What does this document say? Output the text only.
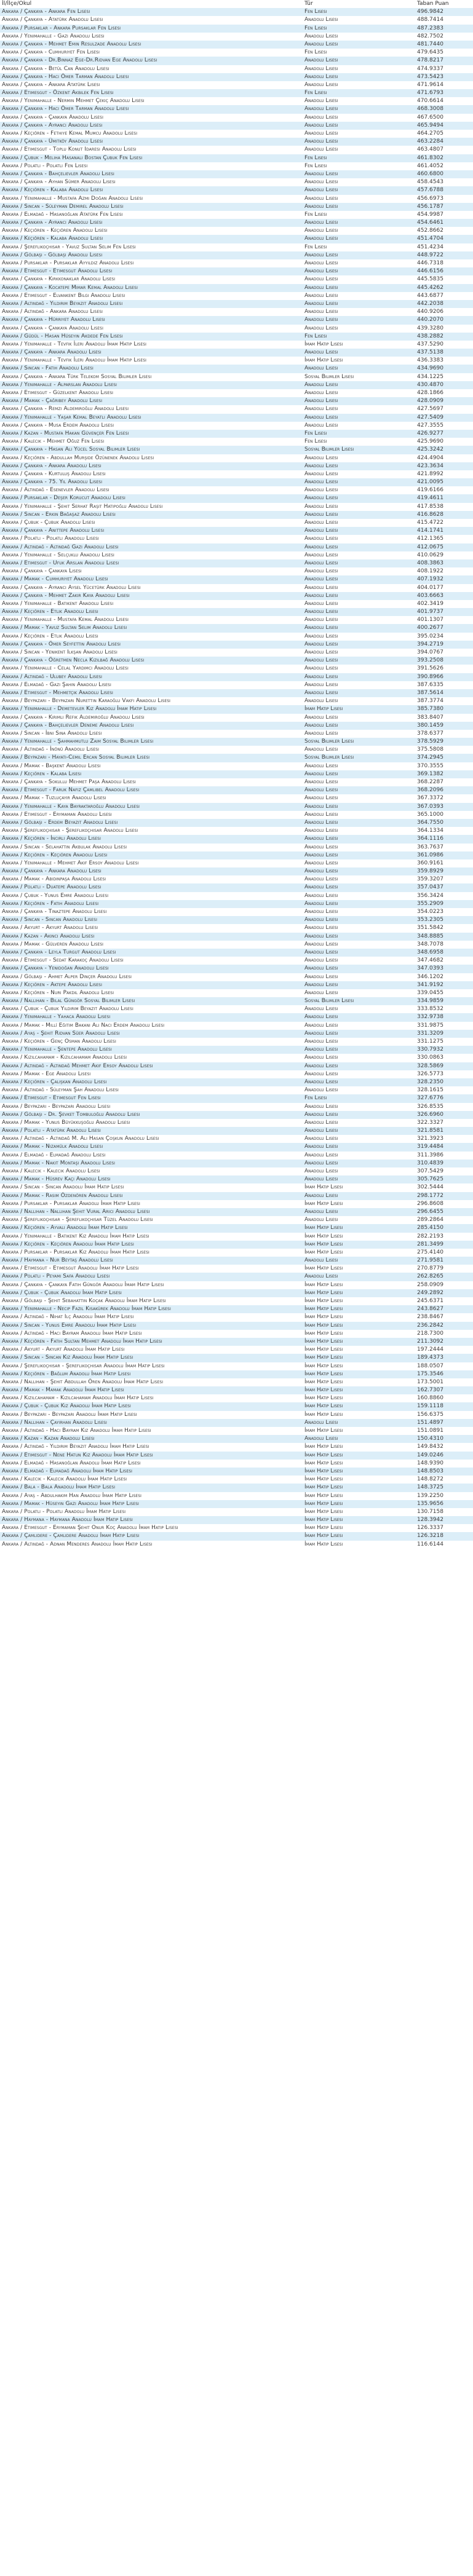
İl/İlçe/Okul	Tür	Taban Puan
Ankara / Çankaya - Ankara Fen Lisesi	Fen Lisesi	496.9842
Ankara / Çankaya - Atatürk Anadolu Lisesi	Anadolu Lisesi	488.7414
Ankara / Pursaklar - Ankara Pursaklar Fen Lisesi	Fen Lisesi	487.2383
Ankara / Yenimahalle - Gazi Anadolu Lisesi	Anadolu Lisesi	482.7502
Ankara / Çankaya - Mehmet Emin Resulzade Anadolu Lisesi	Anadolu Lisesi	481.7440
Ankara / Çankaya - Cumhuriyet Fen Lisesi	Fen Lisesi	479.6435
Ankara / Çankaya - Dr.Binnaz Ege-Dr.Rıdvan Ege Anadolu Lisesi	Anadolu Lisesi	478.8217
Ankara / Çankaya - Betül Can Anadolu Lisesi	Anadolu Lisesi	474.9337
Ankara / Çankaya - Hacı Ömer Tarman Anadolu Lisesi	Anadolu Lisesi	473.5423
Ankara / Çankaya - Ankara Atatürk Lisesi	Anadolu Lisesi	471.9614
Ankara / Etimesgut - Özkent Akbilek Fen Lisesi	Fen Lisesi	471.6793
Ankara / Yenimahalle - Nermin Mehmet Çekiç Anadolu Lisesi	Anadolu Lisesi	470.6614
Ankara / Çankaya - Hacı Ömer Tarman Anadolu Lisesi	Anadolu Lisesi	468.3008
Ankara / Çankaya - Çankaya Anadolu Lisesi	Anadolu Lisesi	467.6500
Ankara / Çankaya - Ayranci Anadolu Lisesi	Anadolu Lisesi	465.9494
Ankara / Keçiören - Fethiye Kemal Mumcu Anadolu Lisesi	Anadolu Lisesi	464.2705
Ankara / Çankaya - Ümitköy Anadolu Lisesi	Anadolu Lisesi	463.2284
Ankara / Etimesgut - Toplu Konut Idaresi Anadolu Lisesi	Anadolu Lisesi	463.4807
Ankara / Çubuk - Meliha Hasanali Bostan Çubuk Fen Lisesi	Fen Lisesi	461.8302
Ankara / Polatlı - Polatlı Fen Lisesi	Fen Lisesi	461.4052
Ankara / Çankaya - Bahçelievler Anadolu Lisesi	Anadolu Lisesi	460.6800
Ankara / Çankaya - Ayhan Sümer Anadolu Lisesi	Anadolu Lisesi	458.4543
Ankara / Keçiören - Kalaba Anadolu Lisesi	Anadolu Lisesi	457.6788
Ankara / Yenimahalle - Mustafa Azmi Doğan Anadolu Lisesi	Anadolu Lisesi	456.6973
Ankara / Sincan - Süleyman Demirel Anadolu Lisesi	Anadolu Lisesi	456.1787
Ankara / Elmadağ - Hasanoğlan Atatürk Fen Lisesi	Fen Lisesi	454.9987
Ankara / Çankaya - Ayranci Anadolu Lisesi	Anadolu Lisesi	454.6461
Ankara / Keçiören - Keçiören Anadolu Lisesi	Anadolu Lisesi	452.8662
Ankara / Keçiören - Kalaba Anadolu Lisesi	Anadolu Lisesi	451.4704
Ankara / Şereflikoçhisar - Yavuz Sultan Selim Fen Lisesi	Fen Lisesi	451.4234
Ankara / Gölbaşı - Gölbaşı Anadolu Lisesi	Anadolu Lisesi	448.9722
Ankara / Pursaklar - Pursaklar Ayyıldız Anadolu Lisesi	Anadolu Lisesi	446.7318
Ankara / Etimesgut - Etimesgut Anadolu Lisesi	Anadolu Lisesi	446.6156
Ankara / Çankaya - Kırkkonaklar Anadolu Lisesi	Anadolu Lisesi	445.5835
Ankara / Çankaya - Kocatepe Mimar Kemal Anadolu Lisesi	Anadolu Lisesi	445.4262
Ankara / Etimesgut - Elvankent Bilgi Anadolu Lisesi	Anadolu Lisesi	443.6877
Ankara / Altındağ - Yıldırım Beyazıt Anadolu Lisesi	Anadolu Lisesi	442.2038
Ankara / Altındağ - Ankara Anadolu Lisesi	Anadolu Lisesi	440.9206
Ankara / Çankaya - Hürriyet Anadolu Lisesi	Anadolu Lisesi	440.2070
Ankara / Çankaya - Çankaya Anadolu Lisesi	Anadolu Lisesi	439.3280
Ankara / Güdül - Hasan Hüseyin Akdede Fen Lisesi	Fen Lisesi	438.2882
Ankara / Yenimahalle - Tevfik İleri Anadolu İmam Hatip Lisesi	İmam Hatip Lisesi	437.5290
Ankara / Çankaya - Ankara Anadolu Lisesi	Anadolu Lisesi	437.5138
Ankara / Yenimahalle - Tevfik İleri Anadolu İmam Hatip Lisesi	İmam Hatip Lisesi	436.3383
Ankara / Sincan - Fatih Anadolu Lisesi	Anadolu Lisesi	434.9690
Ankara / Çankaya - Ankara Türk Telekom Sosyal Bilimler Lisesi	Sosyal Bilimler Lisesi	434.1225
Ankara / Yenimahalle - Alparslan Anadolu Lisesi	Anadolu Lisesi	430.4870
Ankara / Etimesgut - Güzelkent Anadolu Lisesi	Anadolu Lisesi	428.1866
Ankara / Mamak - Çağrıbey Anadolu Lisesi	Anadolu Lisesi	428.0909
Ankara / Çankaya - Remzi Aldemiroğlu Anadolu Lisesi	Anadolu Lisesi	427.5697
Ankara / Yenimahalle - Yaşar Kemal Beyatlı Anadolu Lisesi	Anadolu Lisesi	427.5409
Ankara / Çankaya - Musa Erdem Anadolu Lisesi	Anadolu Lisesi	427.3555
Ankara / Kazan - Mustafa Hakan Güvençer Fen Lisesi	Fen Lisesi	426.9277
Ankara / Kalecik - Mehmet Oğuz Fen Lisesi	Fen Lisesi	425.9690
Ankara / Çankaya - Hasan Ali Yücel Sosyal Bilimler Lisesi	Sosyal Bilimler Lisesi	425.3242
Ankara / Keçiören - Abdullah Murşide Özünenek Anadolu Lisesi	Anadolu Lisesi	424.4904
Ankara / Çankaya - Ankara Anadolu Lisesi	Anadolu Lisesi	423.3634
Ankara / Çankaya - Kurtuluş Anadolu Lisesi	Anadolu Lisesi	421.8992
Ankara / Çankaya - 75. Yıl Anadolu Lisesi	Anadolu Lisesi	421.0095
Ankara / Altındağ - Esenevler Anadolu Lisesi	Anadolu Lisesi	419.6166
Ankara / Pursaklar - Deşer Korucut Anadolu Lisesi	Anadolu Lisesi	419.4611
Ankara / Yenimahalle - Şehit Serhat Raşit Hatipoğlu Anadolu Lisesi	Anadolu Lisesi	417.8538
Ankara / Sincan - Erkin Bağaşaz Anadolu Lisesi	Anadolu Lisesi	416.8628
Ankara / Çubuk - Çubuk Anadolu Lisesi	Anadolu Lisesi	415.4722
Ankara / Çankaya - Anıttepe Anadolu Lisesi	Anadolu Lisesi	414.1741
Ankara / Polatlı - Polatlı Anadolu Lisesi	Anadolu Lisesi	412.1365
Ankara / Altındağ - Altındağ Gazi Anadolu Lisesi	Anadolu Lisesi	412.0675
Ankara / Yenimahalle - Selçuklu Anadolu Lisesi	Anadolu Lisesi	410.0629
Ankara / Etimesgut - Ufuk Arslan Anadolu Lisesi	Anadolu Lisesi	408.3863
Ankara / Çankaya - Çankaya Lisesi	Anadolu Lisesi	408.1922
Ankara / Mamak - Cumhuriyet Anadolu Lisesi	Anadolu Lisesi	407.1932
Ankara / Çankaya - Ayrancı Aysel Yücetürk Anadolu Lisesi	Anadolu Lisesi	404.0177
Ankara / Çankaya - Mehmet Zakir Kaya Anadolu Lisesi	Anadolu Lisesi	403.6663
Ankara / Yenimahalle - Batıkent Anadolu Lisesi	Anadolu Lisesi	402.3419
Ankara / Keçiören - Etlik Anadolu Lisesi	Anadolu Lisesi	401.9737
Ankara / Yenimahalle - Mustafa Kemal Anadolu Lisesi	Anadolu Lisesi	401.1307
Ankara / Mamak - Yavuz Sultan Selim Anadolu Lisesi	Anadolu Lisesi	400.2677
Ankara / Keçiören - Etlik Anadolu Lisesi	Anadolu Lisesi	395.0234
Ankara / Çankaya - Ömer Seyfettin Anadolu Lisesi	Anadolu Lisesi	394.2719
Ankara / Sincan - Yenikent Ilkşan Anadolu Lisesi	Anadolu Lisesi	394.0767
Ankara / Çankaya - Öğretmen Necla Kızılbağ Anadolu Lisesi	Anadolu Lisesi	393.2508
Ankara / Yenimahalle - Celal Yardımcı Anadolu Lisesi	Anadolu Lisesi	391.5626
Ankara / Altındağ - Ulubey Anadolu Lisesi	Anadolu Lisesi	390.8966
Ankara / Elmadağ - Gazi Şahin Anadolu Lisesi	Anadolu Lisesi	387.6335
Ankara / Etimesgut - Mehmetçik Anadolu Lisesi	Anadolu Lisesi	387.5614
Ankara / Beypazarı - Beypazarı Nurettin Karaoğlu Vakfı Anadolu Lisesi	Anadolu Lisesi	387.3774
Ankara / Yenimahalle - Demetevler Kız Anadolu İmam Hatip Lisesi	İmam Hatip Lisesi	385.7380
Ankara / Çankaya - Kırımlı Refik Aldemiroğlu Anadolu Lisesi	Anadolu Lisesi	383.8407
Ankara / Çankaya - Bahçelievler Deneme Anadolu Lisesi	Anadolu Lisesi	380.1459
Ankara / Sincan - İbni Sina Anadolu Lisesi	Anadolu Lisesi	378.6377
Ankara / Yenimahalle - Şahmahmutlu Zaim Sosyal Bilimler Lisesi	Sosyal Bilimler Lisesi	378.5929
Ankara / Altındağ - İnönü Anadolu Lisesi	Anadolu Lisesi	375.5808
Ankara / Beypazarı - Hayati-Cemil Ercan Sosyal Bilimler Lisesi	Sosyal Bilimler Lisesi	374.2945
Ankara / Mamak - Başkent Anadolu Lisesi	Anadolu Lisesi	370.3555
Ankara / Keçiören - Kalaba Lisesi	Anadolu Lisesi	369.1382
Ankara / Çankaya - Sokullu Mehmet Paşa Anadolu Lisesi	Anadolu Lisesi	368.2287
Ankara / Etimesgut - Faruk Nafiz Çamlıbel Anadolu Lisesi	Anadolu Lisesi	368.2096
Ankara / Mamak - Tuzluçayır Anadolu Lisesi	Anadolu Lisesi	367.3372
Ankara / Yenimahalle - Kaya Bayraktaroğlu Anadolu Lisesi	Anadolu Lisesi	367.0393
Ankara / Etimesgut - Erymaman Anadolu Lisesi	Anadolu Lisesi	365.1000
Ankara / Gölbaşı - Erdem Beyazıt Anadolu Lisesi	Anadolu Lisesi	364.7550
Ankara / Şereflikoçhisar - Şereflikoçhisar Anadolu Lisesi	Anadolu Lisesi	364.1334
Ankara / Keçiören - İncirli Anadolu Lisesi	Anadolu Lisesi	364.1116
Ankara / Sincan - Selahattin Akbulak Anadolu Lisesi	Anadolu Lisesi	363.7637
Ankara / Keçiören - Keçiören Anadolu Lisesi	Anadolu Lisesi	361.0986
Ankara / Yenimahalle - Mehmet Akif Ersoy Anadolu Lisesi	Anadolu Lisesi	360.9161
Ankara / Çankaya - Ankara Anadolu Lisesi	Anadolu Lisesi	359.8929
Ankara / Mamak - Abidinpaşa Anadolu Lisesi	Anadolu Lisesi	359.3207
Ankara / Polatlı - Duatepe Anadolu Lisesi	Anadolu Lisesi	357.0437
Ankara / Çubuk - Yunus Emre Anadolu Lisesi	Anadolu Lisesi	356.3424
Ankara / Keçiören - Fatih Anadolu Lisesi	Anadolu Lisesi	355.2909
Ankara / Çankaya - Tınaztepe Anadolu Lisesi	Anadolu Lisesi	354.0223
Ankara / Sincan - Sincan Anadolu Lisesi	Anadolu Lisesi	353.2305
Ankara / Akyurt - Akyurt Anadolu Lisesi	Anadolu Lisesi	351.5842
Ankara / Kazan - Akinci Anadolu Lisesi	Anadolu Lisesi	348.8885
Ankara / Mamak - Gülveren Anadolu Lisesi	Anadolu Lisesi	348.7078
Ankara / Çankaya - Leyla Turgut Anadolu Lisesi	Anadolu Lisesi	348.6958
Ankara / Etimesgut - Sedat Karakoç Anadolu Lisesi	Anadolu Lisesi	347.4682
Ankara / Çankaya - Yenidoğan Anadolu Lisesi	Anadolu Lisesi	347.0393
Ankara / Gölbaşı - Ahmet Alper Dinçer Anadolu Lisesi	Anadolu Lisesi	346.1202
Ankara / Keçiören - Aktepe Anadolu Lisesi	Anadolu Lisesi	341.9192
Ankara / Keçiören - Nuri Pakdil Anadolu Lisesi	Anadolu Lisesi	339.0455
Ankara / Nallıhan - Bilal Güngör Sosyal Bilimler Lisesi	Sosyal Bilimler Lisesi	334.9859
Ankara / Çubuk - Çubuk Yıldırım Beyazıt Anadolu Lisesi	Anadolu Lisesi	333.8532
Ankara / Yenimahalle - Yahaca Anadolu Lisesi	Anadolu Lisesi	332.9738
Ankara / Mamak - Millî Eğitim Bakanı Ali Naci Erdem Anadolu Lisesi	Anadolu Lisesi	331.9875
Ankara / Ayaş - Şehit Rıdvan Süer Anadolu Lisesi	Anadolu Lisesi	331.3209
Ankara / Keçiören - Genç Osman Anadolu Lisesi	Anadolu Lisesi	331.1275
Ankara / Yenimahalle - Şentepe Anadolu Lisesi	Anadolu Lisesi	330.7932
Ankara / Kızılcahamam - Kızılcahamam Anadolu Lisesi	Anadolu Lisesi	330.0863
Ankara / Altındağ - Altındağ Mehmet Akif Ersoy Anadolu Lisesi	Anadolu Lisesi	328.5869
Ankara / Mamak - Ege Anadolu Lisesi	Anadolu Lisesi	326.5773
Ankara / Keçiören - Çalışkan Anadolu Lisesi	Anadolu Lisesi	328.2350
Ankara / Altındağ - Süleyman Şah Anadolu Lisesi	Anadolu Lisesi	328.1615
Ankara / Etimesgut - Etimesgut Fen Lisesi	Fen Lisesi	327.6776
Ankara / Beypazarı - Beypazarı Anadolu Lisesi	Anadolu Lisesi	326.8535
Ankara / Gölbaşı - Dr. Şevket Tombuloğlu Anadolu Lisesi	Anadolu Lisesi	326.6960
Ankara / Mamak - Yunus Büyükkuşoğlu Anadolu Lisesi	Anadolu Lisesi	322.3327
Ankara / Polatlı - Atatürk Anadolu Lisesi	Anadolu Lisesi	321.8581
Ankara / Altındağ - Altındağ M. Ali Hasan Çoşkun Anadolu Lisesi	Anadolu Lisesi	321.3923
Ankara / Mamak - Nizamülk Anadolu Lisesi	Anadolu Lisesi	319.4484
Ankara / Elmadağ - Elmadağ Anadolu Lisesi	Anadolu Lisesi	311.3986
Ankara / Mamak - Nakit Montaşı Anadolu Lisesi	Anadolu Lisesi	310.4839
Ankara / Kalecik - Kalecik Anadolu Lisesi	Anadolu Lisesi	307.5429
Ankara / Mamak - Hüsrev Kaçı Anadolu Lisesi	Anadolu Lisesi	305.7625
Ankara / Sincan - Sincan Anadolu İmam Hatip Lisesi	İmam Hatip Lisesi	302.5444
Ankara / Mamak - Rasim Özdenören Anadolu Lisesi	Anadolu Lisesi	298.1772
Ankara / Pursaklar - Pursaklar Anadolu İmam Hatip Lisesi	İmam Hatip Lisesi	296.8608
Ankara / Nallıhan - Nallıhan Şehit Vural Arıcı Anadolu Lisesi	Anadolu Lisesi	296.6455
Ankara / Şereflikoçhisar - Şereflikoçhisar Tüzel Anadolu Lisesi	Anadolu Lisesi	289.2864
Ankara / Keçiören - Ayvalı Anadolu İmam Hatip Lisesi	İmam Hatip Lisesi	285.4150
Ankara / Yenimahalle - Batıkent Kız Anadolu İmam Hatip Lisesi	İmam Hatip Lisesi	282.2193
Ankara / Keçiören - Keçiören Anadolu İmam Hatip Lisesi	İmam Hatip Lisesi	281.3499
Ankara / Pursaklar - Pursaklar Kız Anadolu İmam Hatip Lisesi	İmam Hatip Lisesi	275.4140
Ankara / Haymana - Nur Beytaş Anadolu Lisesi	Anadolu Lisesi	271.9581
Ankara / Etimesgut - Etimesgut Anadolu İmam Hatip Lisesi	İmam Hatip Lisesi	270.8779
Ankara / Polatlı - Peyami Safa Anadolu Lisesi	Anadolu Lisesi	262.8265
Ankara / Çankaya - Çankaya Fatih Güngör Anadolu İmam Hatip Lisesi	İmam Hatip Lisesi	258.0909
Ankara / Çubuk - Çubuk Anadolu İmam Hatip Lisesi	İmam Hatip Lisesi	249.2892
Ankara / Gölbaşı - Şehit Sebahattin Koçak Anadolu İmam Hatip Lisesi	İmam Hatip Lisesi	245.6371
Ankara / Yenimahalle - Necip Fazıl Kısakürek Anadolu İmam Hatip Lisesi	İmam Hatip Lisesi	243.8627
Ankara / Altındağ - Nihat Ilç Anadolu İmam Hatip Lisesi	İmam Hatip Lisesi	238.8467
Ankara / Sincan - Yunus Emre Anadolu İmam Hatip Lisesi	İmam Hatip Lisesi	236.2842
Ankara / Altındağ - Hacı Bayram Anadolu İmam Hatip Lisesi	İmam Hatip Lisesi	218.7300
Ankara / Keçiören - Fatih Sultan Mehmet Anadolu İmam Hatip Lisesi	İmam Hatip Lisesi	211.3092
Ankara / Akyurt - Akyurt Anadolu İmam Hatip Lisesi	İmam Hatip Lisesi	197.2444
Ankara / Sincan - Sincan Kız Anadolu İmam Hatip Lisesi	İmam Hatip Lisesi	189.4373
Ankara / Şereflikoçhisar - Şereflikoçhisar Anadolu İmam Hatip Lisesi	İmam Hatip Lisesi	188.0507
Ankara / Keçiören - Bağlum Anadolu İmam Hatip Lisesi	İmam Hatip Lisesi	175.3546
Ankara / Nallıhan - Şehit Abdullah Ören Anadolu İmam Hatip Lisesi	İmam Hatip Lisesi	173.5001
Ankara / Mamak - Mamak Anadolu İmam Hatip Lisesi	İmam Hatip Lisesi	162.7307
Ankara / Kızılcahamam - Kızılcahamam Anadolu İmam Hatip Lisesi	İmam Hatip Lisesi	160.8860
Ankara / Çubuk - Çubuk Kız Anadolu İmam Hatip Lisesi	İmam Hatip Lisesi	159.1118
Ankara / Beypazarı - Beypazarı Anadolu İmam Hatip Lisesi	İmam Hatip Lisesi	156.6375
Ankara / Nallıhan - Çayırhan Anadolu Lisesi	Anadolu Lisesi	151.4897
Ankara / Altındağ - Hacı Bayram Kız Anadolu İmam Hatip Lisesi	İmam Hatip Lisesi	151.0891
Ankara / Kazan - Kazan Anadolu Lisesi	Anadolu Lisesi	150.4310
Ankara / Altındağ - Yıldırım Beyazıt Anadolu İmam Hatip Lisesi	İmam Hatip Lisesi	149.8432
Ankara / Etimesgut - Nene Hatun Kız Anadolu İmam Hatip Lisesi	İmam Hatip Lisesi	149.0246
Ankara / Elmadağ - Hasanoğlan Anadolu İmam Hatip Lisesi	İmam Hatip Lisesi	148.9390
Ankara / Elmadağ - Elmadağ Anadolu İmam Hatip Lisesi	İmam Hatip Lisesi	148.8503
Ankara / Kalecik - Kalecik Anadolu İmam Hatip Lisesi	İmam Hatip Lisesi	148.8272
Ankara / Bala - Bala Anadolu İmam Hatip Lisesi	İmam Hatip Lisesi	148.3725
Ankara / Ayaş - Abdulhakim Han Anadolu İmam Hatip Lisesi	İmam Hatip Lisesi	139.2250
Ankara / Mamak - Hüseyin Gazi Anadolu İmam Hatip Lisesi	İmam Hatip Lisesi	135.9656
Ankara / Polatlı - Polatlı Anadolu İmam Hatip Lisesi	İmam Hatip Lisesi	130.7158
Ankara / Haymana - Haymana Anadolu İmam Hatip Lisesi	İmam Hatip Lisesi	128.3942
Ankara / Etimesgut - Erymaman Şehit Onur Koç Anadolu İmam Hatip Lisesi	İmam Hatip Lisesi	126.3337
Ankara / Çamlıdere - Çamlıdere Anadolu İmam Hatip Lisesi	İmam Hatip Lisesi	126.3218
Ankara / Altındağ - Adnan Menderes Anadolu İmam Hatip Lisesi	İmam Hatip Lisesi	116.6144
